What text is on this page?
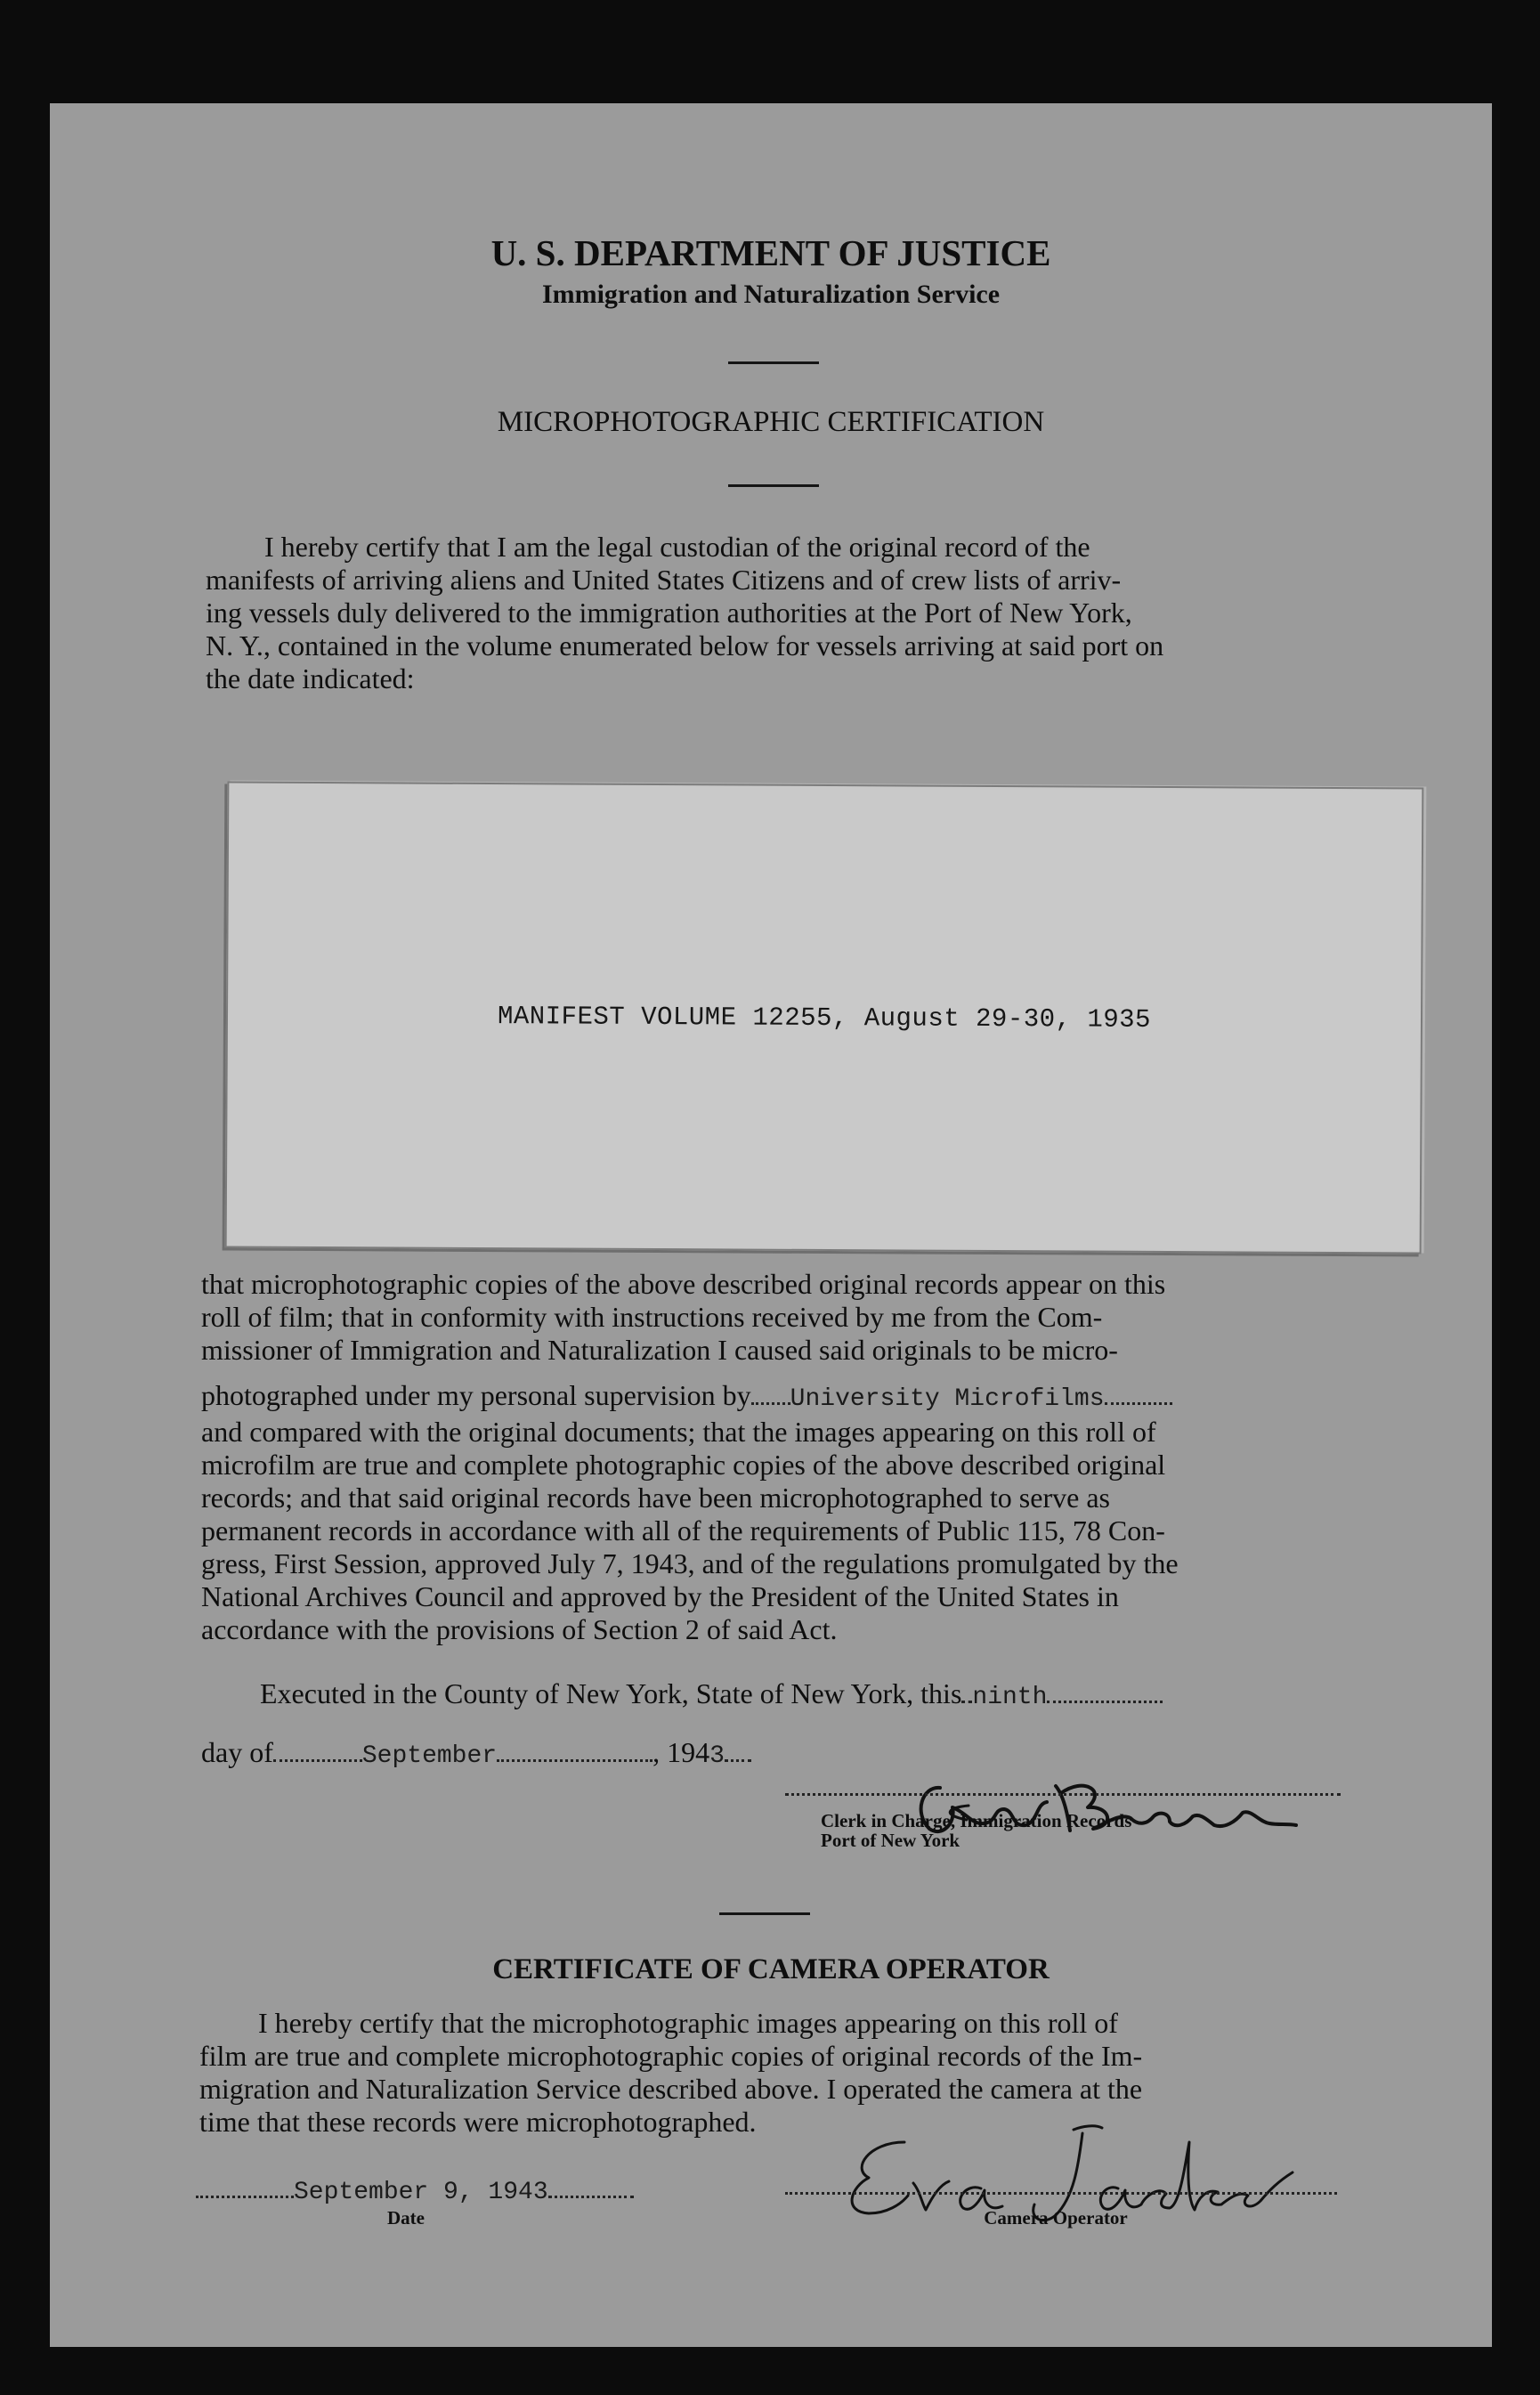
U. S. DEPARTMENT OF JUSTICE
Immigration and Naturalization Service
MICROPHOTOGRAPHIC CERTIFICATION
I hereby certify that I am the legal custodian of the original record of the
manifests of arriving aliens and United States Citizens and of crew lists of arriv-
ing vessels duly delivered to the immigration authorities at the Port of New York,
N. Y., contained in the volume enumerated below for vessels arriving at said port on
the date indicated:
MANIFEST VOLUME 12255, August 29-30, 1935
that microphotographic copies of the above described original records appear on this
roll of film; that in conformity with instructions received by me from the Com-
missioner of Immigration and Naturalization I caused said originals to be micro-
photographed under my personal supervision by University Microfilms
and compared with the original documents; that the images appearing on this roll of
microfilm are true and complete photographic copies of the above described original
records; and that said original records have been microphotographed to serve as
permanent records in accordance with all of the requirements of Public 115, 78 Con-
gress, First Session, approved July 7, 1943, and of the regulations promulgated by the
National Archives Council and approved by the President of the United States in
accordance with the provisions of Section 2 of said Act.
Executed in the County of New York, State of New York, this ninth
day of	September	, 1943
Clerk in Charge, Immigration Records
Port of New York
CERTIFICATE OF CAMERA OPERATOR
I hereby certify that the microphotographic images appearing on this roll of
film are true and complete microphotographic copies of original records of the Im-
migration and Naturalization Service described above. I operated the camera at the
time that these records were microphotographed.
September 9, 1943
Date	Camera Operator
